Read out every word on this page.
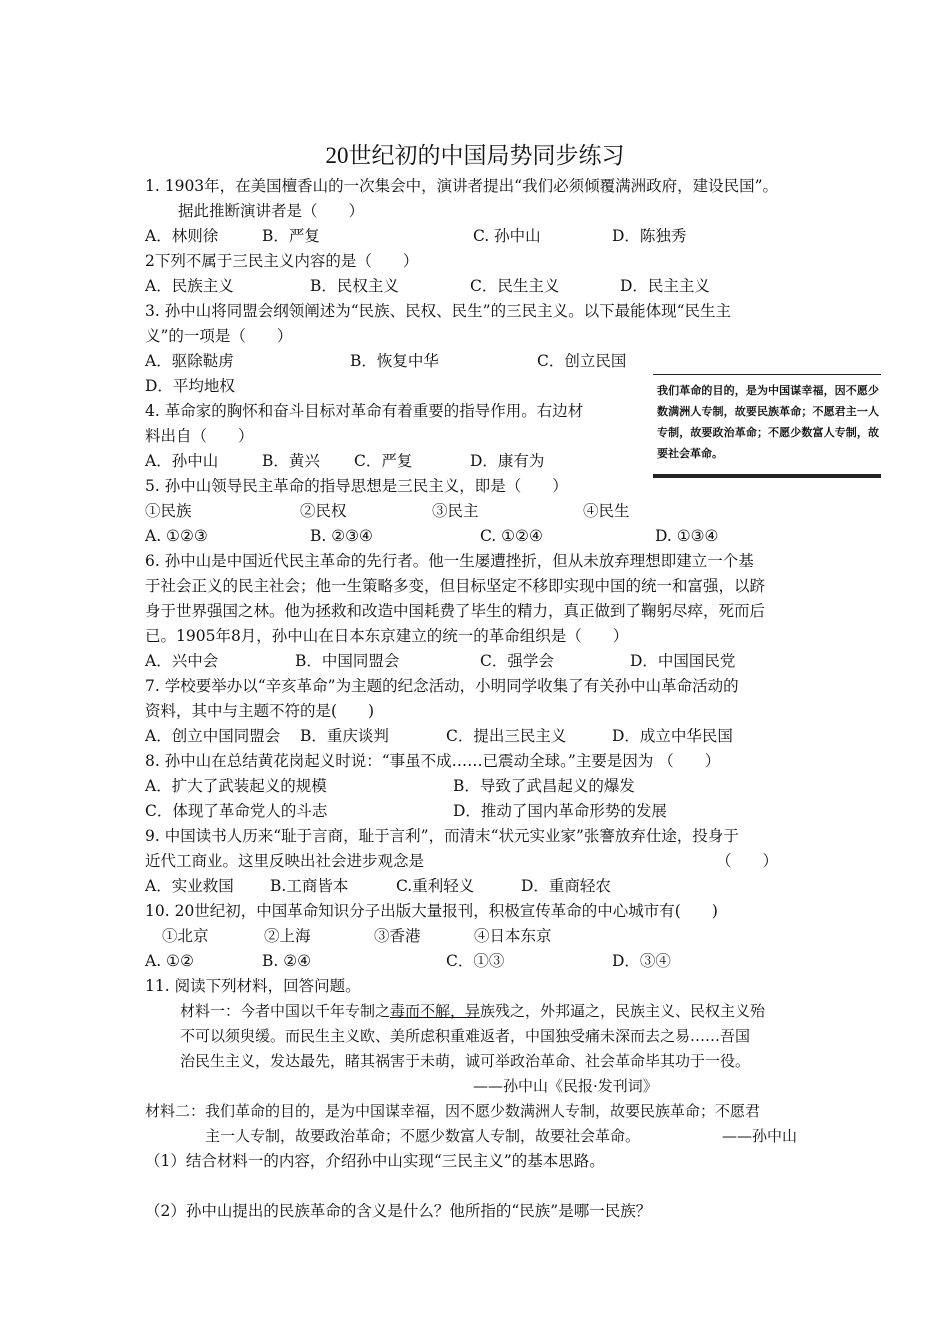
20世纪初的中国局势同步练习
1. 1903年，在美国檀香山的一次集会中，演讲者提出“我们必须倾覆满洲政府，建设民国”。
据此推断演讲者是（　　）
A．林则徐	B．严复	C. 孙中山	D．陈独秀
2下列不属于三民主义内容的是（　　）
A．民族主义	B．民权主义	C．民生主义	D．民主主义
3. 孙中山将同盟会纲领阐述为“民族、民权、民生”的三民主义。以下最能体现“民生主
义”的一项是（　　）
A．驱除鞑虏	B．恢复中华	C．创立民国
D．平均地权	我们革命的目的，是为中国谋幸福，因不愿少数满洲人专制，故要民族革命；不愿君主一人专制，故要政治革命；不愿少数富人专制，故要社会革命。
4. 革命家的胸怀和奋斗目标对革命有着重要的指导作用。右边材
料出自（　　）
A．孙中山	B．黄兴 C．严复	D．康有为
5. 孙中山领导民主革命的指导思想是三民主义，即是（　　）
①民族	②民权	③民主	④民生
A. ①②③	B. ②③④	C. ①②④	D. ①③④
6. 孙中山是中国近代民主革命的先行者。他一生屡遭挫折，但从未放弃理想即建立一个基
于社会正义的民主社会；他一生策略多变，但目标坚定不移即实现中国的统一和富强，以跻
身于世界强国之林。他为拯救和改造中国耗费了毕生的精力，真正做到了鞠躬尽瘁，死而后
已。1905年8月，孙中山在日本东京建立的统一的革命组织是（　　）
A．兴中会	B．中国同盟会	C．强学会	D．中国国民党
7. 学校要举办以“辛亥革命”为主题的纪念活动，小明同学收集了有关孙中山革命活动的
资料，其中与主题不符的是(　　)
A．创立中国同盟会 B．重庆谈判	C．提出三民主义	D．成立中华民国
8. 孙中山在总结黄花岗起义时说：“事虽不成……已震动全球。”主要是因为 （　　）
A．扩大了武装起义的规模	B．导致了武昌起义的爆发
C．体现了革命党人的斗志	D．推动了国内革命形势的发展
9. 中国读书人历来“耻于言商，耻于言利”，而清末“状元实业家”张謇放弃仕途，投身于
近代工商业。这里反映出社会进步观念是	（　　）
A．实业救国 B.工商皆本	C.重利轻义	D．重商轻农
10. 20世纪初，中国革命知识分子出版大量报刊，积极宣传革命的中心城市有(　　)
①北京	②上海	③香港	④日本东京
A. ①②	B. ②④	C．①③	D．③④
11. 阅读下列材料，回答问题。
材料一：今者中国以千年专制之毒而不解，异族残之，外邦逼之，民族主义、民权主义殆
不可以须臾缓。而民生主义欧、美所虑积重难返者，中国独受痛未深而去之易……吾国
治民生主义，发达最先，睹其祸害于未萌，诚可举政治革命、社会革命毕其功于一役。
——孙中山《民报·发刊词》
材料二：我们革命的目的，是为中国谋幸福，因不愿少数满洲人专制，故要民族革命；不愿君
主一人专制，故要政治革命；不愿少数富人专制，故要社会革命。	——孙中山
（1）结合材料一的内容，介绍孙中山实现“三民主义”的基本思路。
（2）孙中山提出的民族革命的含义是什么？他所指的“民族”是哪一民族？
